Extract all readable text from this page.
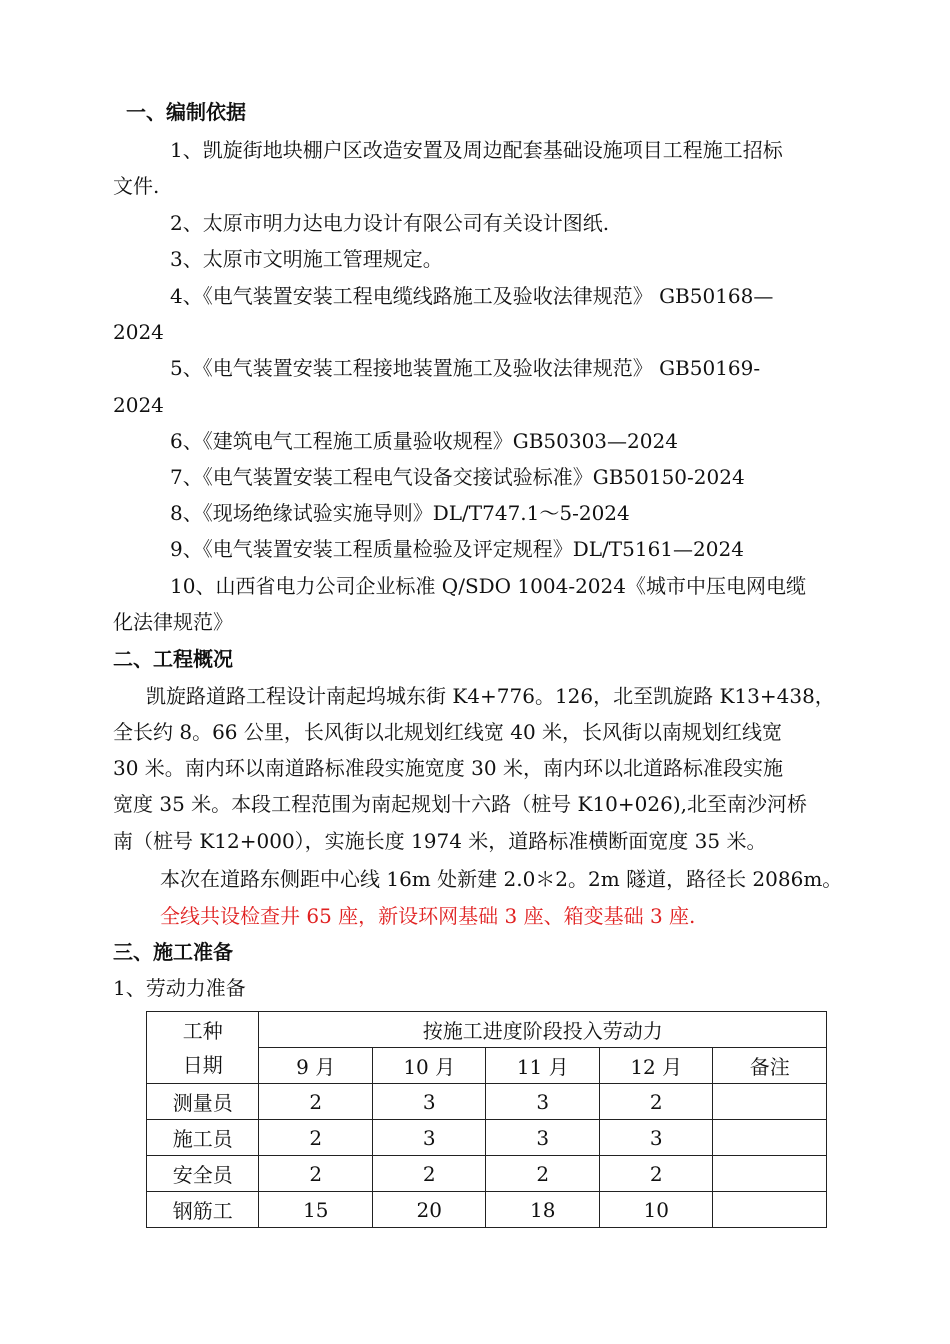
一、编制依据
1、凯旋街地块棚户区改造安置及周边配套基础设施项目工程施工招标
文件.
2、太原市明力达电力设计有限公司有关设计图纸.
3、太原市文明施工管理规定。
4、《电气装置安装工程电缆线路施工及验收法律规范》 GB50168—
2024
5、《电气装置安装工程接地装置施工及验收法律规范》 GB50169-
2024
6、《建筑电气工程施工质量验收规程》GB50303—2024
7、《电气装置安装工程电气设备交接试验标准》GB50150-2024
8、《现场绝缘试验实施导则》DL/T747.1～5-2024
9、《电气装置安装工程质量检验及评定规程》DL/T5161—2024
10、山西省电力公司企业标准 Q/SDO 1004-2024《城市中压电网电缆
化法律规范》
二、工程概况
凯旋路道路工程设计南起坞城东街 K4+776。126，北至凯旋路 K13+438，
全长约 8。66 公里，长风街以北规划红线宽 40 米，长风街以南规划红线宽
30 米。南内环以南道路标准段实施宽度 30 米，南内环以北道路标准段实施
宽度 35 米。本段工程范围为南起规划十六路（桩号 K10+026),北至南沙河桥
南（桩号 K12+000），实施长度 1974 米，道路标准横断面宽度 35 米。
本次在道路东侧距中心线 16m 处新建 2.0＊2。2m 隧道，路径长 2086m。
全线共设检查井 65 座，新设环网基础 3 座、箱变基础 3 座.
三、施工准备
1、劳动力准备
工种
日期	按施工进度阶段投入劳动力				
	9 月	10 月	11 月	12 月	备注
测量员	2	3	3	2	
施工员	2	3	3	3	
安全员	2	2	2	2	
钢筋工	15	20	18	10	
